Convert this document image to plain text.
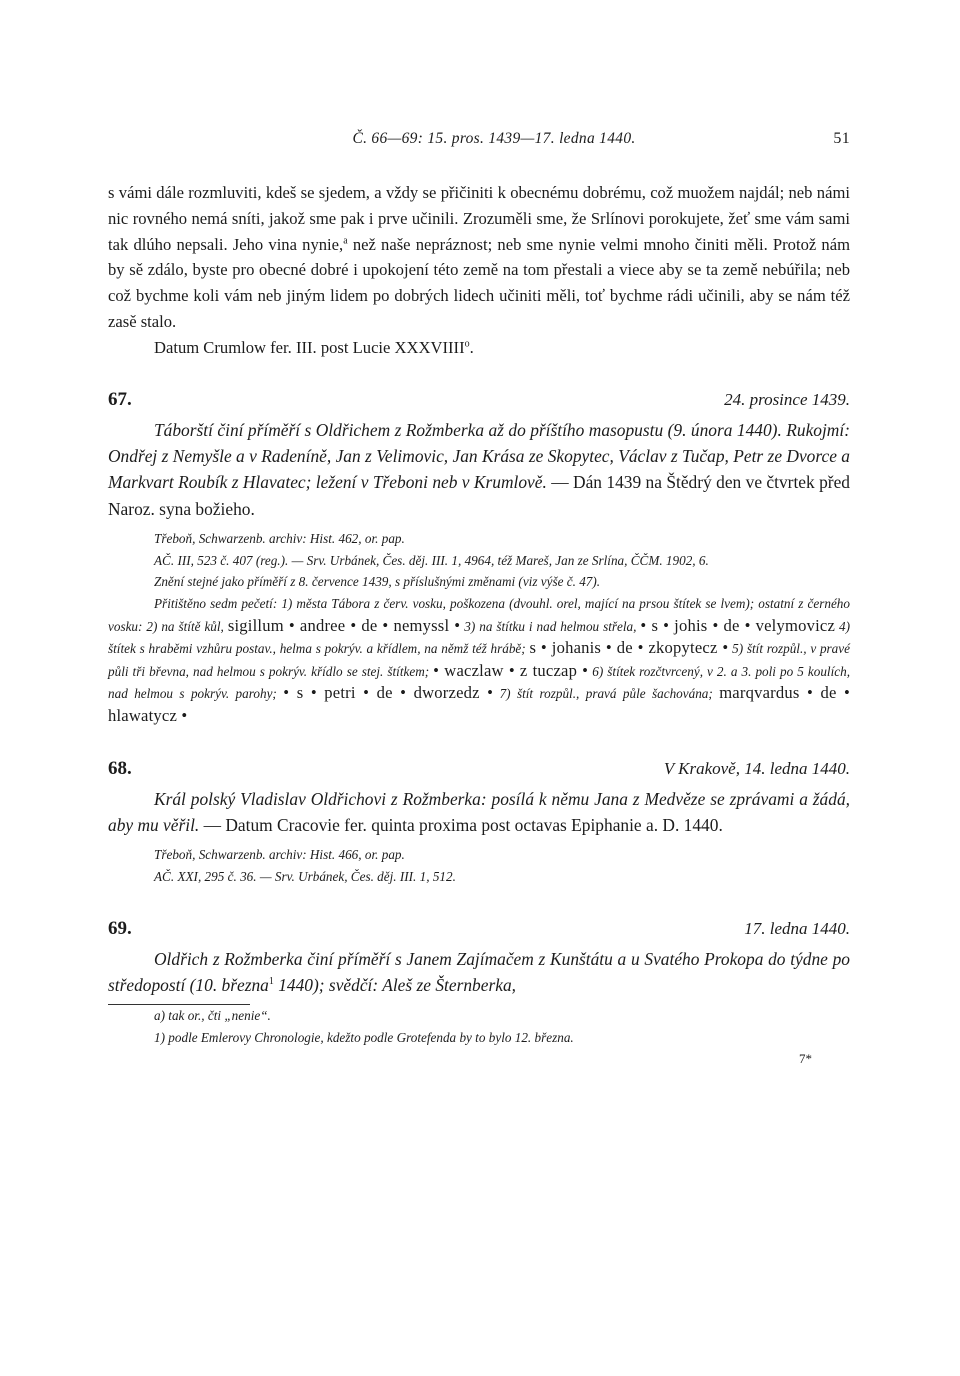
Č. 66—69: 15. pros. 1439—17. ledna 1440.	51

s vámi dále rozmluviti, kdeš se sjedem, a vždy se přičiniti k obecnému dobrému, což muožem najdál; neb námi nic rovného nemá sníti, jakož sme pak i prve učinili. Zrozuměli sme, že Srlínovi porokujete, žeť sme vám sami tak dlúho nepsali. Jeho vina nynie,$^a$ než naše nepráznost; neb sme nynie velmi mnoho činiti měli. Protož nám by sě zdálo, byste pro obecné dobré i upokojení této země na tom přestali a viece aby se ta země nebúřila; neb což bychme koli vám neb jiným lidem po dobrých lidech učiniti měli, toť bychme rádi učinili, aby se nám též zasě stalo.

Datum Crumlow fer. III. post Lucie XXXVIIII$^o$.

67.	24. prosince 1439.

Táborští činí příměří s Oldřichem z Rožmberka až do příštího masopustu (9. února 1440). Rukojmí: Ondřej z Nemyšle a v Radeníně, Jan z Velimovic, Jan Krása ze Skopytec, Václav z Tučap, Petr ze Dvorce a Markvart Roubík z Hlavatec; ležení v Třeboni neb v Krumlově. — Dán 1439 na Štědrý den ve čtvrtek před Naroz. syna božieho.

Třeboň, Schwarzenb. archiv: Hist. 462, or. pap.

AČ. III, 523 č. 407 (reg.). — Srv. Urbánek, Čes. děj. III. 1, 4964, též Mareš, Jan ze Srlína, ČČM. 1902, 6.

Znění stejné jako příměří z 8. července 1439, s příslušnými změnami (viz výše č. 47).

Přitištěno sedm pečetí: 1) města Tábora z červ. vosku, poškozena (dvouhl. orel, mající na prsou štítek se lvem); ostatní z černého vosku: 2) na štítě kůl, sigillum • andree • de • nemyssl • 3) na štítku i nad helmou střela, • s • johis • de • velymovicz 4) štítek s hraběmi vzhůru postav., helma s pokrýv. a křídlem, na němž též hrábě; s • johanis • de • zkopytecz • 5) štít rozpůl., v pravé půli tři břevna, nad helmou s pokrýv. křídlo se stej. štítkem; • waczlaw • z tuczap • 6) štítek rozčtvrcený, v 2. a 3. poli po 5 koulích, nad helmou s pokrýv. parohy; • s • petri • de • dworzedz • 7) štít rozpůl., pravá půle šachována; marqvardus • de • hlawatycz •

68.	V Krakově, 14. ledna 1440.

Král polský Vladislav Oldřichovi z Rožmberka: posílá k němu Jana z Medvěze se zprávami a žádá, aby mu věřil. — Datum Cracovie fer. quinta proxima post octavas Epiphanie a. D. 1440.

Třeboň, Schwarzenb. archiv: Hist. 466, or. pap.

AČ. XXI, 295 č. 36. — Srv. Urbánek, Čes. děj. III. 1, 512.

69.	17. ledna 1440.

Oldřich z Rožmberka činí příměří s Janem Zajímačem z Kunštátu a u Svatého Prokopa do týdne po středopostí (10. března$^1$ 1440); svědčí: Aleš ze Šternberka,

a) tak or., čti „nenie“.

1) podle Emlerovy Chronologie, kdežto podle Grotefenda by to bylo 12. března.

7*
